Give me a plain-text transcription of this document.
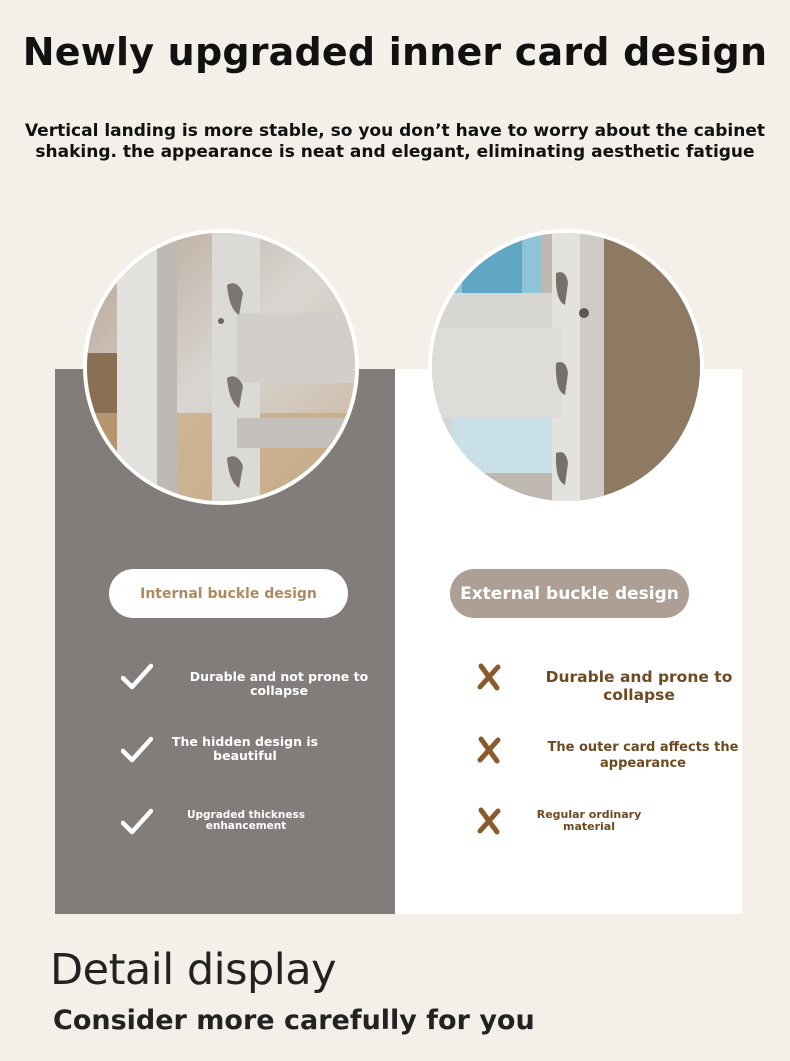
Newly upgraded inner card design
Vertical landing is more stable, so you don’t have to worry about the cabinet
shaking. the appearance is neat and elegant, eliminating aesthetic fatigue
Internal buckle design	External buckle design
Durable and not prone to collapse
The hidden design is
beautiful
Upgraded thickness
enhancement
Durable and prone to collapse
The outer card affects the appearance
Regular ordinary
material
Detail display
Consider more carefully for you
